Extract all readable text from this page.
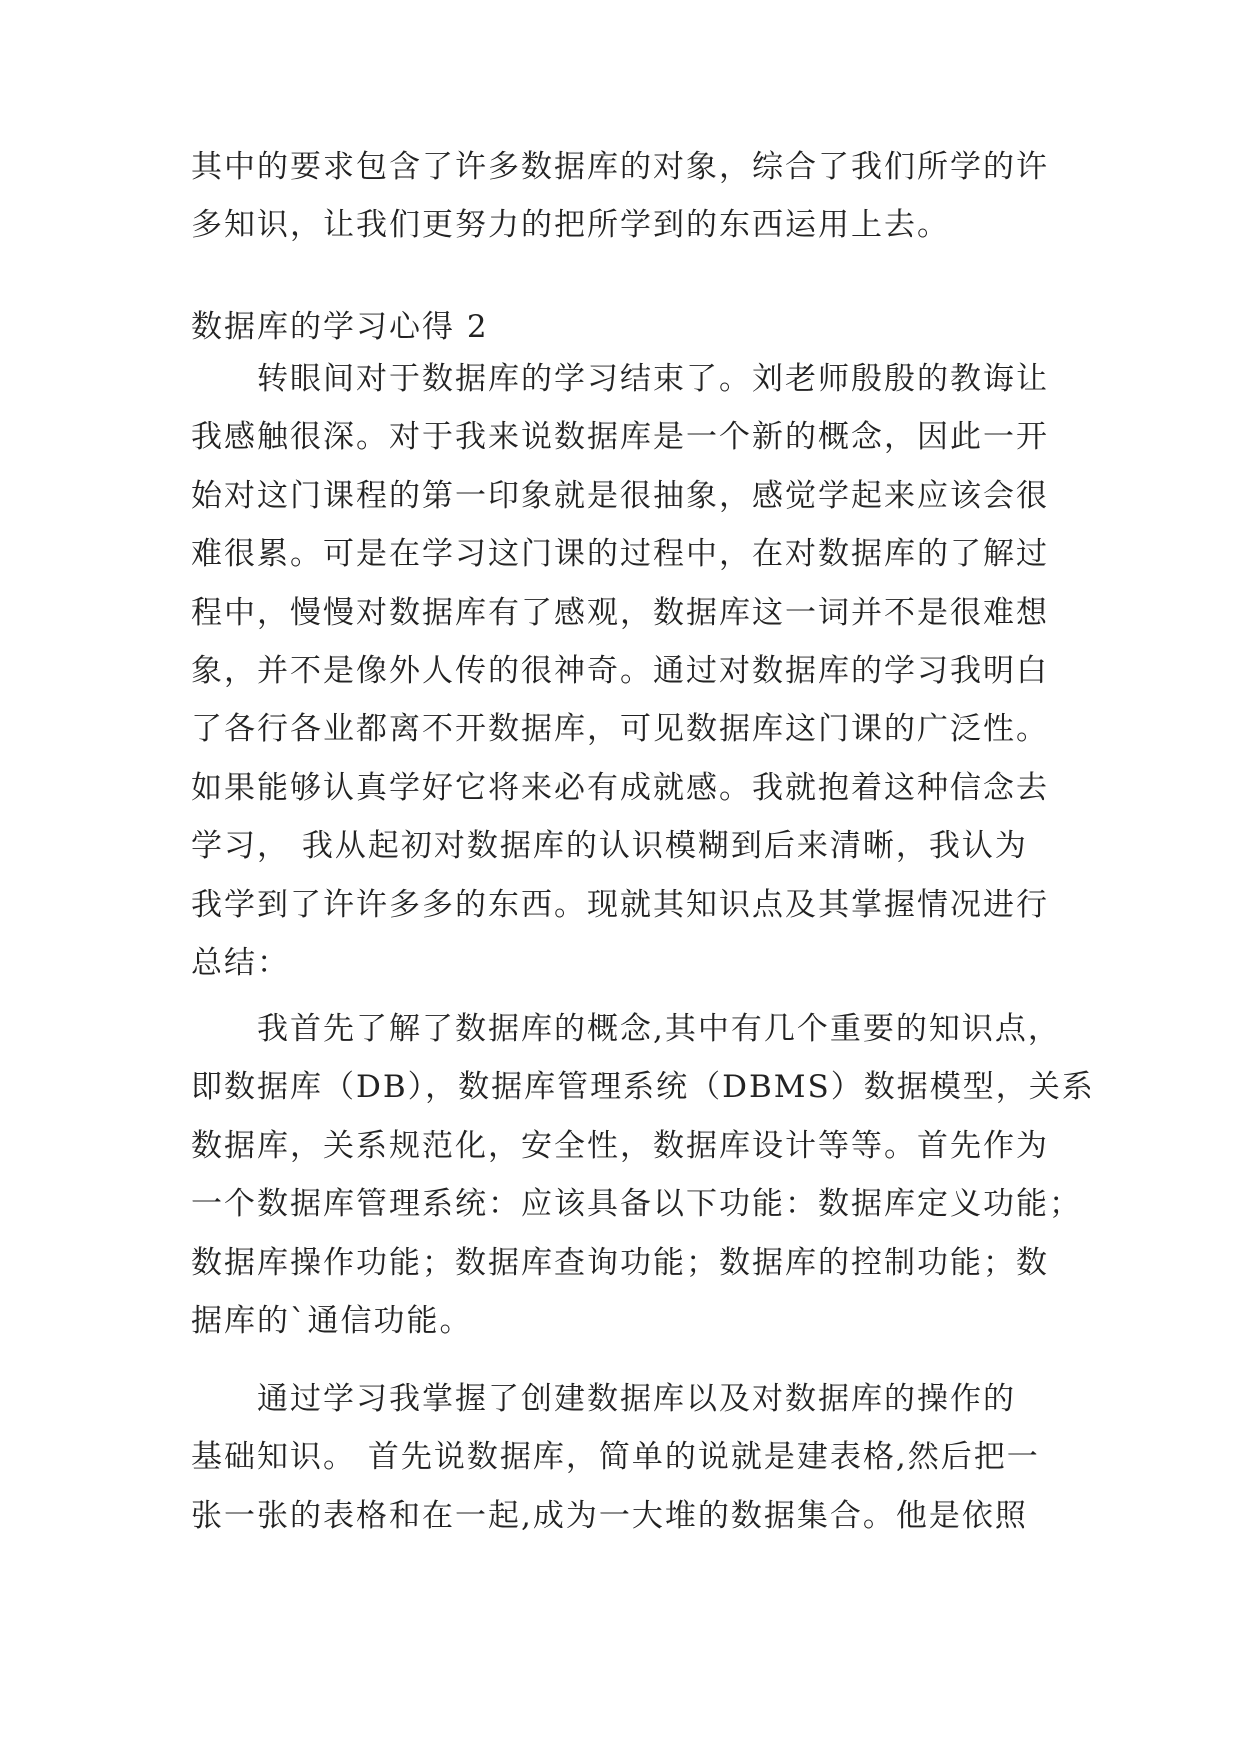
其中的要求包含了许多数据库的对象，综合了我们所学的许
多知识，让我们更努力的把所学到的东西运用上去。
数据库的学习心得 2
转眼间对于数据库的学习结束了。刘老师殷殷的教诲让
我感触很深。对于我来说数据库是一个新的概念，因此一开
始对这门课程的第一印象就是很抽象，感觉学起来应该会很
难很累。可是在学习这门课的过程中，在对数据库的了解过
程中，慢慢对数据库有了感观，数据库这一词并不是很难想
象，并不是像外人传的很神奇。通过对数据库的学习我明白
了各行各业都离不开数据库，可见数据库这门课的广泛性。
如果能够认真学好它将来必有成就感。我就抱着这种信念去
学习， 我从起初对数据库的认识模糊到后来清晰，我认为
我学到了许许多多的东西。现就其知识点及其掌握情况进行
总结：
我首先了解了数据库的概念,其中有几个重要的知识点，
即数据库（DB），数据库管理系统（DBMS）数据模型，关系
数据库，关系规范化，安全性，数据库设计等等。首先作为
一个数据库管理系统：应该具备以下功能：数据库定义功能；
数据库操作功能；数据库查询功能；数据库的控制功能；数
据库的`通信功能。
通过学习我掌握了创建数据库以及对数据库的操作的
基础知识。 首先说数据库，简单的说就是建表格,然后把一
张一张的表格和在一起,成为一大堆的数据集合。他是依照
